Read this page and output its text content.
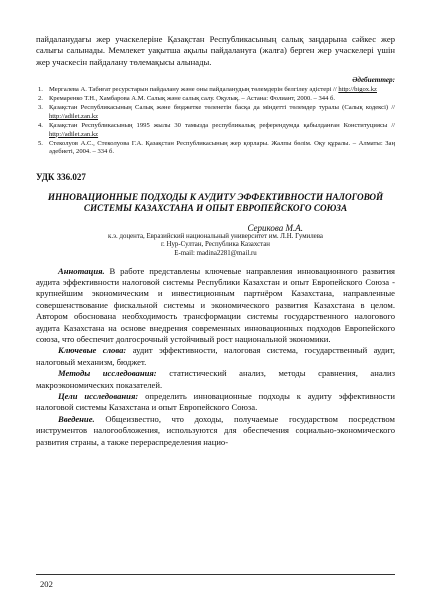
пайдаланудағы жер учаскелеріне Қазақстан Республикасының салық заңдарына сәйкес жер салығы салынады. Мемлекет уақытша ақылы пайдалануға (жалға) берген жер учаскелері үшін жер учаскесін пайдалану төлемақысы алынады.

Әдебиеттер:

1. Мергалева А. Табиғат ресурстарын пайдалану және оны пайдаланудың төлемдерін белгілеу әдістері // http://bigox.kz
2. Кремаренко Т.Н., Хамбарова А.М. Салық және салық салу. Оқулық. – Астана: Фолиант, 2000. – 344 б.
3. Қазақстан Республикасының Салық және бюджетке төленетін басқа да міндетті төлемдер туралы (Салық кодексі) // http://adilet.zan.kz
4. Қазақстан Республикасының 1995 жылы 30 тамызда республикалық референдумда қабылданған Конституциясы // http://adilet.zan.kz
5. Стеколуов А.С., Стеколуова Г.А. Қазақстан Республикасының жер қорлары. Жалпы бөлім. Оқу құралы. – Алматы: Заң әдебиеті, 2004. – 334 б.

УДК 336.027

ИННОВАЦИОННЫЕ ПОДХОДЫ К АУДИТУ ЭФФЕКТИВНОСТИ НАЛОГОВОЙ СИСТЕМЫ КАЗАХСТАНА И ОПЫТ ЕВРОПЕЙСКОГО СОЮЗА

Серикова М.А.

к.э. доцента, Евразийский национальный университет им. Л.Н. Гумилева

г. Нур-Султан, Республика Казахстан

E-mail: madina2281@mail.ru

Аннотация. В работе представлены ключевые направления инновационного развития аудита эффективности налоговой системы Республики Казахстан и опыт Европейского Союза - крупнейшим экономическим и инвестиционным партнёром Казахстана, направленные совершенствование фискальной системы и экономического развития Казахстана в целом. Автором обоснована необходимость трансформации системы государственного налогового аудита Казахстана на основе внедрения современных инновационных подходов Европейского союза, что обеспечит долгосрочный устойчивый рост национальной экономики.

Ключевые слова: аудит эффективности, налоговая система, государственный аудит, налоговый механизм, бюджет.

Методы исследования: статистический анализ, методы сравнения, анализ макроэкономических показателей.

Цели исследования: определить инновационные подходы к аудиту эффективности налоговой системы Казахстана и опыт Европейского Союза.

Введение. Общеизвестно, что доходы, получаемые государством посредством инструментов налогообложения, используются для обеспечения социально-экономического развития страны, а также перераспределения нацио-

202
